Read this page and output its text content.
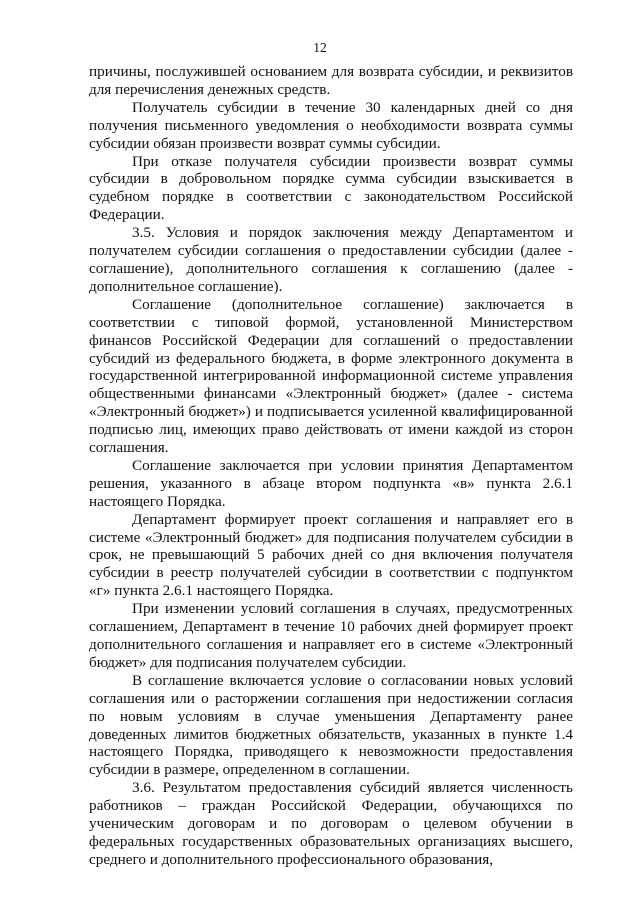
12

причины, послужившей основанием для возврата субсидии, и реквизитов для перечисления денежных средств.

Получатель субсидии в течение 30 календарных дней со дня получения письменного уведомления о необходимости возврата суммы субсидии обязан произвести возврат суммы субсидии.

При отказе получателя субсидии произвести возврат суммы субсидии в добровольном порядке сумма субсидии взыскивается в судебном порядке в соответствии с законодательством Российской Федерации.

3.5. Условия и порядок заключения между Департаментом и получателем субсидии соглашения о предоставлении субсидии (далее - соглашение), дополнительного соглашения к соглашению (далее - дополнительное соглашение).

Соглашение (дополнительное соглашение) заключается в соответствии с типовой формой, установленной Министерством финансов Российской Федерации для соглашений о предоставлении субсидий из федерального бюджета, в форме электронного документа в государственной интегрированной информационной системе управления общественными финансами «Электронный бюджет» (далее - система «Электронный бюджет») и подписывается усиленной квалифицированной подписью лиц, имеющих право действовать от имени каждой из сторон соглашения.

Соглашение заключается при условии принятия Департаментом решения, указанного в абзаце втором подпункта «в» пункта 2.6.1 настоящего Порядка.

Департамент формирует проект соглашения и направляет его в системе «Электронный бюджет» для подписания получателем субсидии в срок, не превышающий 5 рабочих дней со дня включения получателя субсидии в реестр получателей субсидии в соответствии с подпунктом «г» пункта 2.6.1 настоящего Порядка.

При изменении условий соглашения в случаях, предусмотренных соглашением, Департамент в течение 10 рабочих дней формирует проект дополнительного соглашения и направляет его в системе «Электронный бюджет» для подписания получателем субсидии.

В соглашение включается условие о согласовании новых условий соглашения или о расторжении соглашения при недостижении согласия по новым условиям в случае уменьшения Департаменту ранее доведенных лимитов бюджетных обязательств, указанных в пункте 1.4 настоящего Порядка, приводящего к невозможности предоставления субсидии в размере, определенном в соглашении.

3.6. Результатом предоставления субсидий является численность работников – граждан Российской Федерации, обучающихся по ученическим договорам и по договорам о целевом обучении в федеральных государственных образовательных организациях высшего, среднего и дополнительного профессионального образования,
